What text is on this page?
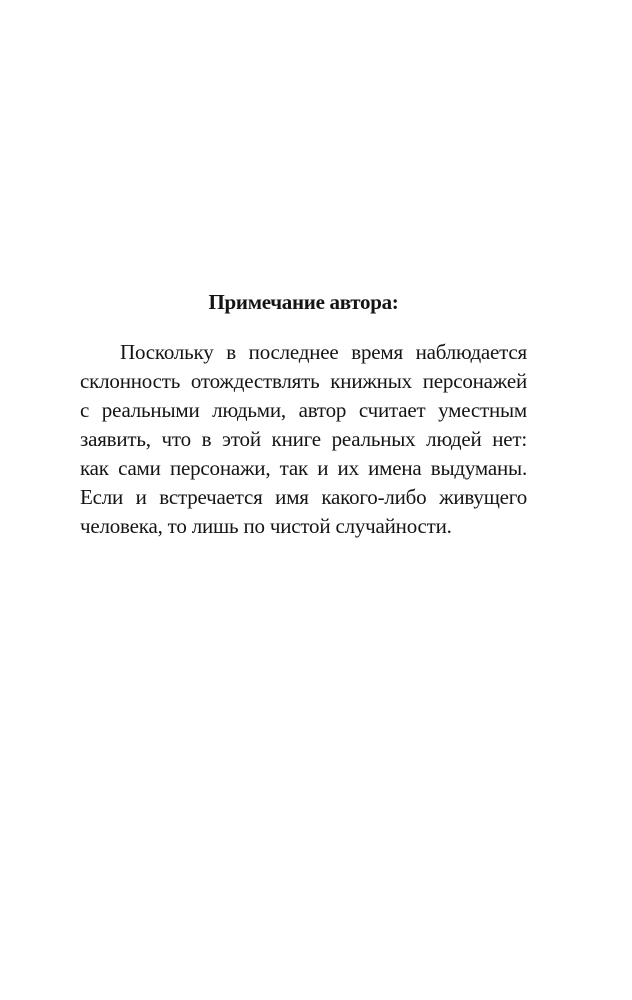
Примечание автора:
Поскольку в последнее время наблюдается
склонность отождествлять книжных персонажей
с реальными людьми, автор считает уместным
заявить, что в этой книге реальных людей нет:
как сами персонажи, так и их имена выдуманы.
Если и встречается имя какого-либо живущего
человека, то лишь по чистой случайности.
